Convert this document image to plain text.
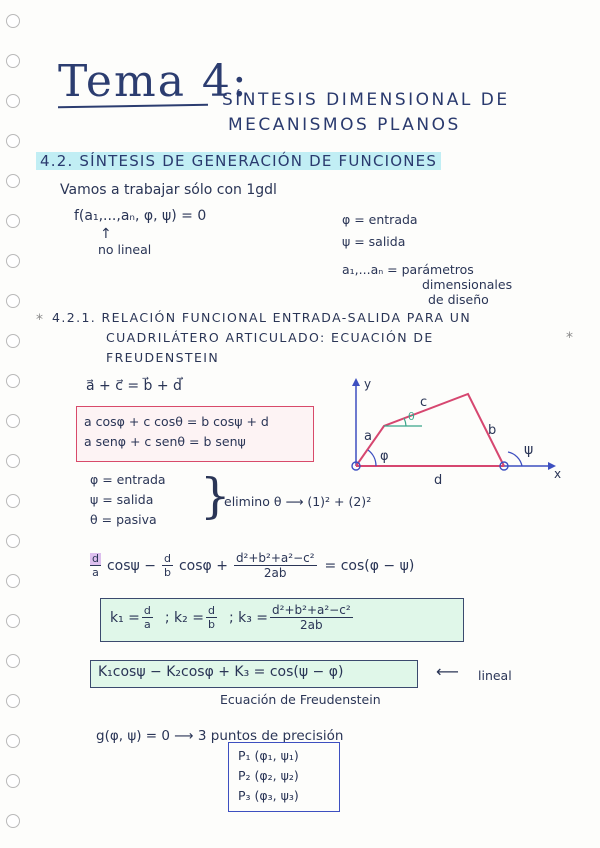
Tema 4:
SÍNTESIS DIMENSIONAL DE
MECANISMOS PLANOS
4.2. SÍNTESIS DE GENERACIÓN DE FUNCIONES
Vamos a trabajar sólo con 1gdl
f(a₁,...,aₙ, φ, ψ) = 0
↑
no lineal
φ = entrada
ψ = salida
a₁,...aₙ = parámetros
dimensionales
de diseño
* 4.2.1. RELACIÓN FUNCIONAL ENTRADA-SALIDA PARA UN
CUADRILÁTERO ARTICULADO: ECUACIÓN DE	*
FREUDENSTEIN
a⃗ + c⃗ = b⃗ + d⃗
a cosφ + c cosθ = b cosψ + d
a senφ + c senθ = b senψ
y
x
a
c
b
d
φ	ψ
θ
φ = entrada
ψ = salida
θ = pasiva }
elimino θ ⟶ (1)² + (2)²
$\frac{d}{a}$ $\cos\psi - \frac{d}{b}$ $\cos\varphi + \frac{\text{d²+b²+a²−c²}}{2ab} = \cos(\varphi - \psi)$
$k_1 = \frac{d}{a}$ ; $k_2 = \frac{d}{b}$ ; $k_3 = \frac{\text{d²+b²+a²−c²}}{2ab}$
K₁cosψ − K₂cosφ + K₃ = cos(ψ − φ)	⟵ lineal
Ecuación de Freudenstein
g(φ, ψ) = 0 ⟶ 3 puntos de precisión
P₁ (φ₁, ψ₁)
P₂ (φ₂, ψ₂)
P₃ (φ₃, ψ₃)
